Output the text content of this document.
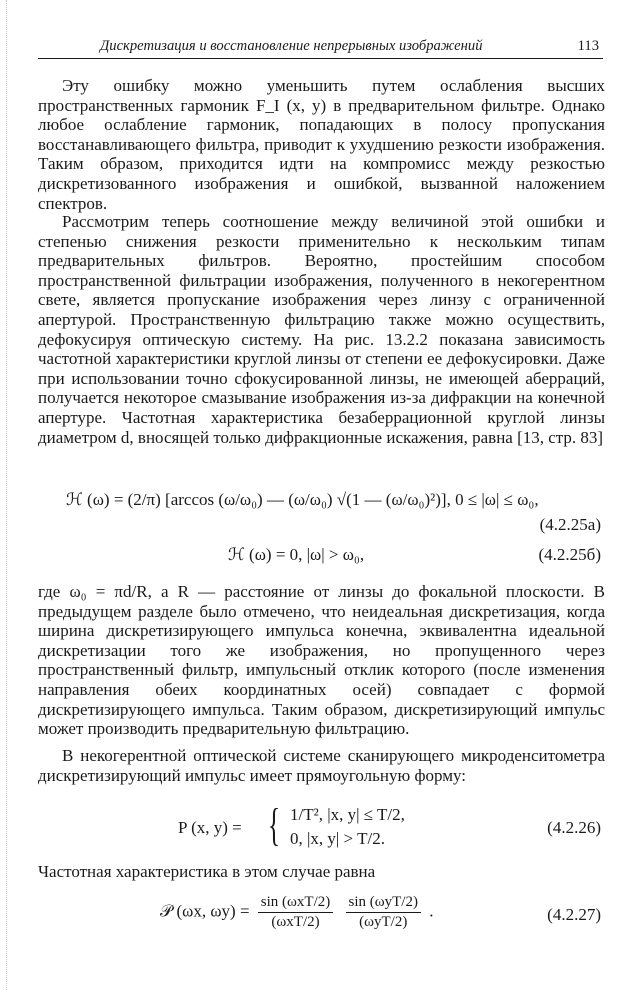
Дискретизация и восстановление непрерывных изображений	113

Эту ошибку можно уменьшить путем ослабления высших пространственных гармоник F_I (x, y) в предварительном фильтре. Однако любое ослабление гармоник, попадающих в полосу пропускания восстанавливающего фильтра, приводит к ухудшению резкости изображения. Таким образом, приходится идти на компромисс между резкостью дискретизованного изображения и ошибкой, вызванной наложением спектров.

Рассмотрим теперь соотношение между величиной этой ошибки и степенью снижения резкости применительно к нескольким типам предварительных фильтров. Вероятно, простейшим способом пространственной фильтрации изображения, полученного в некогерентном свете, является пропускание изображения через линзу с ограниченной апертурой. Пространственную фильтрацию также можно осуществить, дефокусируя оптическую систему. На рис. 13.2.2 показана зависимость частотной характеристики круглой линзы от степени ее дефокусировки. Даже при использовании точно сфокусированной линзы, не имеющей аберраций, получается некоторое смазывание изображения из-за дифракции на конечной апертуре. Частотная характеристика безаберрационной круглой линзы диаметром d, вносящей только дифракционные искажения, равна [13, стр. 83]

ℋ (ω) = (2/π) [arccos (ω/ω₀) — (ω/ω₀) √(1 — (ω/ω₀)²)], 0 ≤ |ω| ≤ ω₀,
(4.2.25а)
ℋ (ω) = 0, |ω| > ω₀,	(4.2.25б)

где ω₀ = πd/R, а R — расстояние от линзы до фокальной плоскости. В предыдущем разделе было отмечено, что неидеальная дискретизация, когда ширина дискретизирующего импульса конечна, эквивалентна идеальной дискретизации того же изображения, но пропущенного через пространственный фильтр, импульсный отклик которого (после изменения направления обеих координатных осей) совпадает с формой дискретизирующего импульса. Таким образом, дискретизирующий импульс может производить предварительную фильтрацию.

В некогерентной оптической системе сканирующего микроденситометра дискретизирующий импульс имеет прямоугольную форму:

P (x, y) = { 1/T², |x, y| ≤ T/2,
0, |x, y| > T/2.
(4.2.26)

Частотная характеристика в этом случае равна

𝒫 (ωx, $\omega y) = \frac{\text{sin (ωxT/2)}}{\text{(ωxT/2)}}$
$\frac{\text{sin (ωyT/2)}}{\text{(ωyT/2)}}$ .	(4.2.27)
